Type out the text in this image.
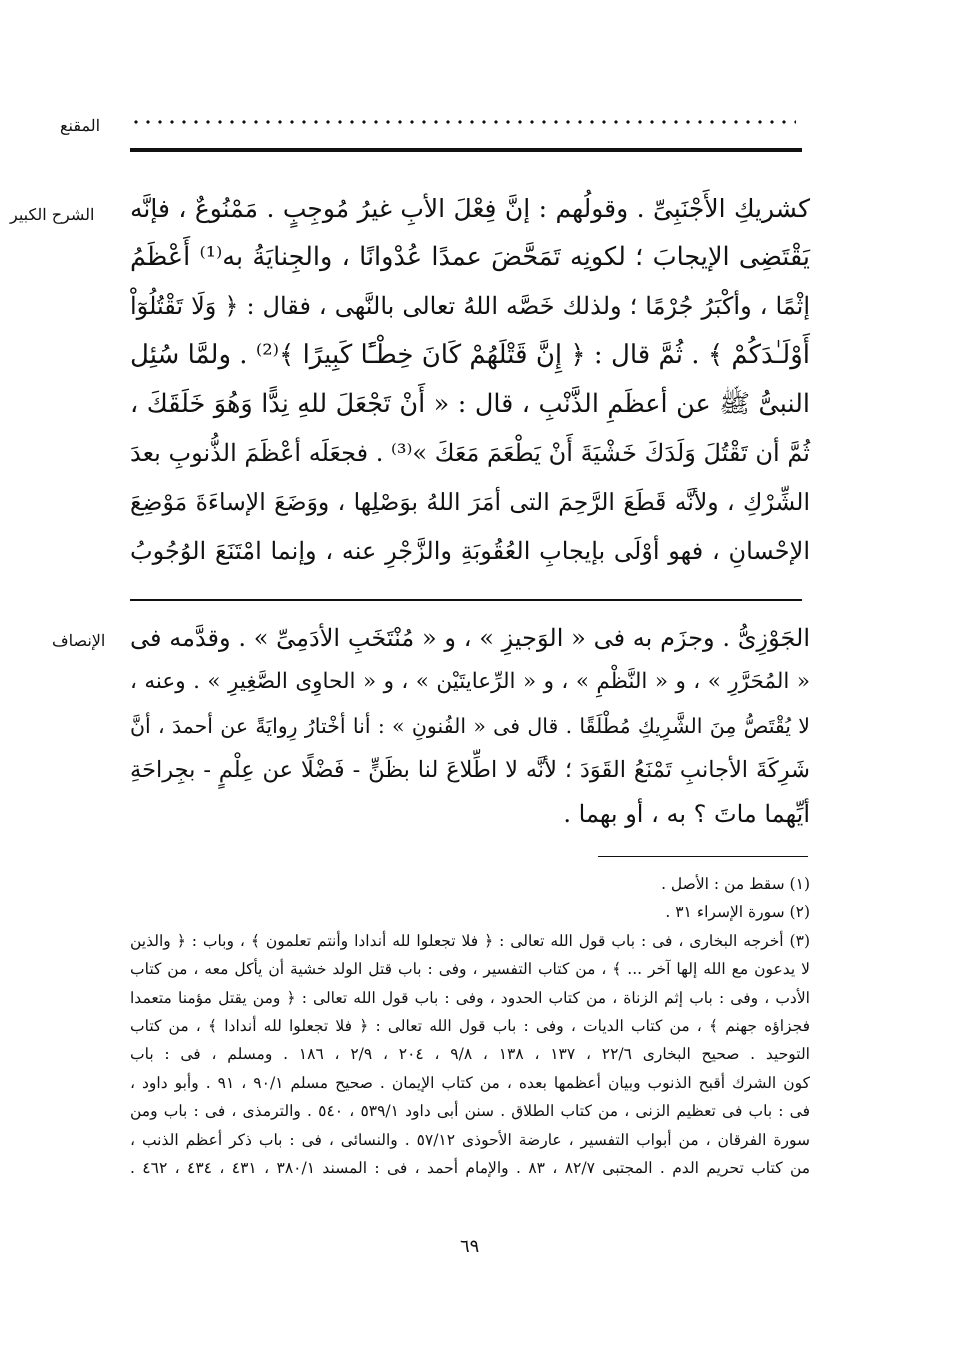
المقنع
الشرح الكبير
الإنصاف

كشريكِ الأَجْنَبِىِّ . وقولُهم : إنَّ فِعْلَ الأبِ غيرُ مُوجِبٍ . مَمْنُوعٌ ، فإنَّه

يَقْتَضِى الإيجابَ ؛ لكونِه تَمَحَّضَ عمدًا عُدْوانًا ، والجِنايَةُ به⁽¹⁾ أَعْظَمُ

إثْمًا ، وأكْبَرُ جُرْمًا ؛ ولذلك خَصَّه اللهُ تعالى بالنَّهى ، فقال : ﴿ وَلَا تَقْتُلُوٓاْ

أَوْلَـٰدَكُمْ ﴾ . ثُمَّ قال : ﴿ إِنَّ قَتْلَهُمْ كَانَ خِطْـًٔا كَبِيرًا ﴾⁽²⁾ . ولمَّا سُئِل

النبىُّ ﷺ عن أعظَمِ الذَّنْبِ ، قال : « أَنْ تَجْعَلَ للهِ نِدًّا وَهُوَ خَلَقَكَ ،

ثُمَّ أن تَقْتُلَ وَلَدَكَ خَشْيَةَ أَنْ يَطْعَمَ مَعَكَ »⁽³⁾ . فجعَلَه أعْظَمَ الذُّنوبِ بعدَ

الشِّرْكِ ، ولأنَّه قَطَعَ الرَّحِمَ التى أمَرَ اللهُ بوَصْلِها ، ووَضَعَ الإساءَةَ مَوْضِعَ

الإحْسانِ ، فهو أوْلَى بإيجابِ العُقُوبَةِ والزَّجْرِ عنه ، وإنما امْتَنَعَ الوُجُوبُ

الجَوْزِىُّ . وجزَم به فى « الوَجيزِ » ، و « مُنْتَخَبِ الأدَمِىِّ » . وقدَّمه فى

« المُحَرَّرِ » ، و « النَّظْمِ » ، و « الرِّعايتَيْن » ، و « الحاوِى الصَّغِيرِ » . وعنه ،

لا يُقْتَصُّ مِنَ الشَّرِيكِ مُطْلَقًا . قال فى « الفُنونِ » : أنا أخْتارُ رِوايَةً عن أحمدَ ، أنَّ

شَرِكَةَ الأجانبِ تَمْنَعُ القَوَدَ ؛ لأنَّه لا اطِّلاعَ لنا بظَنٍّ - فَضْلًا عن عِلْمٍ - بجِراحَةِ

أيِّهما ماتَ ؟ به ، أو بهما .

(١) سقط من : الأصل .

(٢) سورة الإسراء ٣١ .

(٣) أخرجه البخارى ، فى : باب قول الله تعالى : ﴿ فلا تجعلوا لله أندادا وأنتم تعلمون ﴾ ، وباب : ﴿ والذين

لا يدعون مع الله إلها آخر ... ﴾ ، من كتاب التفسير ، وفى : باب قتل الولد خشية أن يأكل معه ، من كتاب

الأدب ، وفى : باب إثم الزناة ، من كتاب الحدود ، وفى : باب قول الله تعالى : ﴿ ومن يقتل مؤمنا متعمدا

فجزاؤه جهنم ﴾ ، من كتاب الديات ، وفى : باب قول الله تعالى : ﴿ فلا تجعلوا لله أندادا ﴾ ، من كتاب

التوحيد . صحيح البخارى ٢٢/٦ ، ١٣٧ ، ١٣٨ ، ٩/٨ ، ٢٠٤ ، ٢/٩ ، ١٨٦ . ومسلم ، فى : باب

كون الشرك أقبح الذنوب وبيان أعظمها بعده ، من كتاب الإيمان . صحيح مسلم ٩٠/١ ، ٩١ . وأبو داود ،

فى : باب فى تعظيم الزنى ، من كتاب الطلاق . سنن أبى داود ٥٣٩/١ ، ٥٤٠ . والترمذى ، فى : باب ومن

سورة الفرقان ، من أبواب التفسير ، عارضة الأحوذى ٥٧/١٢ . والنسائى ، فى : باب ذكر أعظم الذنب ،

من كتاب تحريم الدم . المجتبى ٨٢/٧ ، ٨٣ . والإمام أحمد ، فى : المسند ٣٨٠/١ ، ٤٣١ ، ٤٣٤ ، ٤٦٢ .

٦٩
